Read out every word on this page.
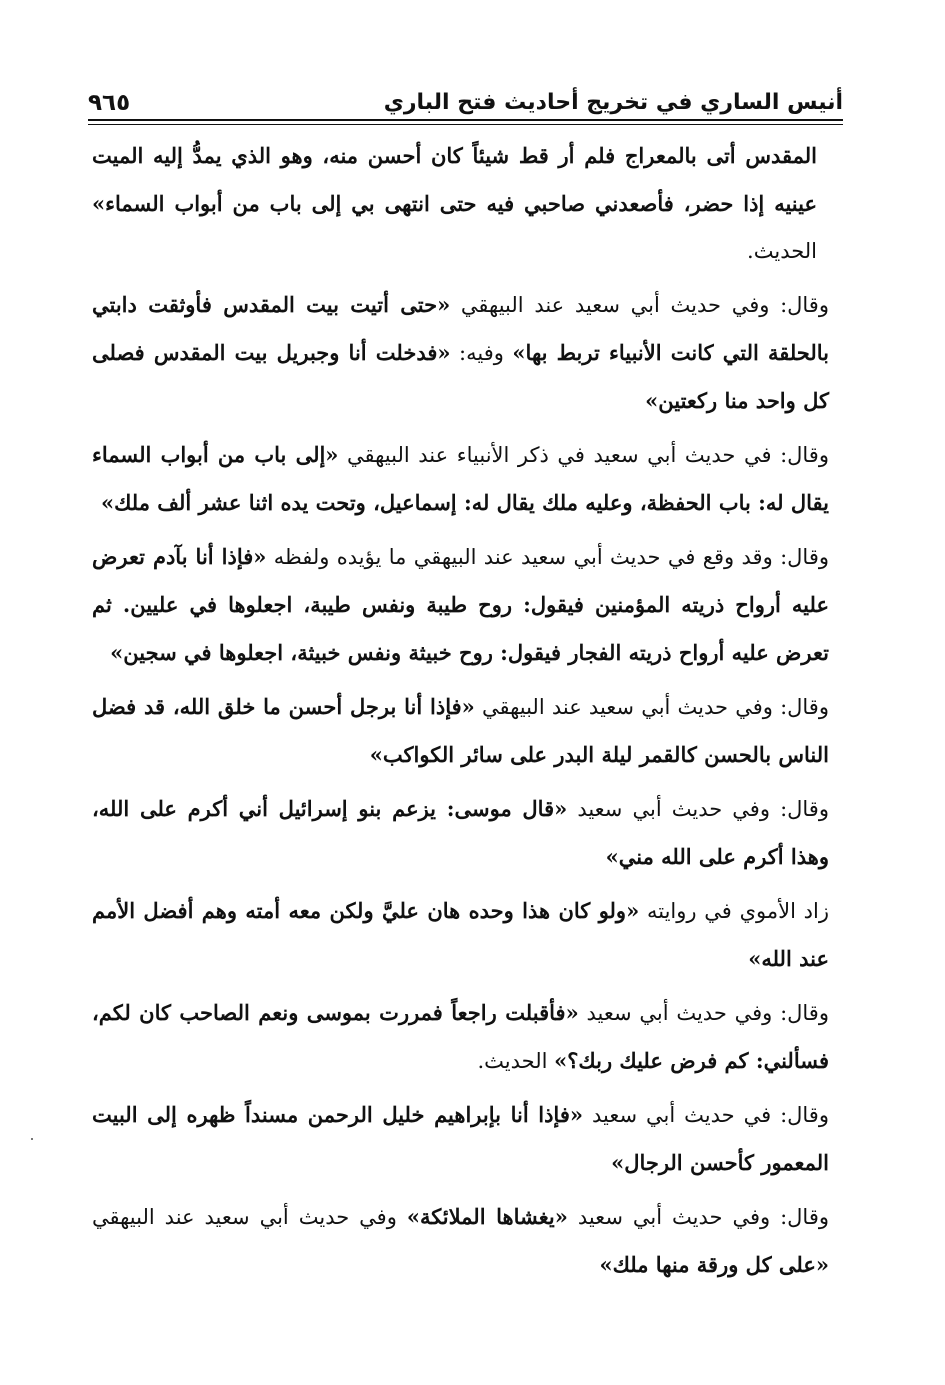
أنيس الساري في تخريج أحاديث فتح الباري
٩٦٥

المقدس أتى بالمعراج فلم أر قط شيئاً كان أحسن منه، وهو الذي يمدُّ إليه الميت عينيه إذا حضر، فأصعدني صاحبي فيه حتى انتهى بي إلى باب من أبواب السماء» الحديث.

وقال: وفي حديث أبي سعيد عند البيهقي «حتى أتيت بيت المقدس فأوثقت دابتي بالحلقة التي كانت الأنبياء تربط بها» وفيه: «فدخلت أنا وجبريل بيت المقدس فصلى كل واحد منا ركعتين»

وقال: في حديث أبي سعيد في ذكر الأنبياء عند البيهقي «إلى باب من أبواب السماء يقال له: باب الحفظة، وعليه ملك يقال له: إسماعيل، وتحت يده اثنا عشر ألف ملك»

وقال: وقد وقع في حديث أبي سعيد عند البيهقي ما يؤيده ولفظه «فإذا أنا بآدم تعرض عليه أرواح ذريته المؤمنين فيقول: روح طيبة ونفس طيبة، اجعلوها في عليين. ثم تعرض عليه أرواح ذريته الفجار فيقول: روح خبيثة ونفس خبيثة، اجعلوها في سجين»

وقال: وفي حديث أبي سعيد عند البيهقي «فإذا أنا برجل أحسن ما خلق الله، قد فضل الناس بالحسن كالقمر ليلة البدر على سائر الكواكب»

وقال: وفي حديث أبي سعيد «قال موسى: يزعم بنو إسرائيل أني أكرم على الله، وهذا أكرم على الله مني»

زاد الأموي في روايته «ولو كان هذا وحده هان عليَّ ولكن معه أمته وهم أفضل الأمم عند الله»

وقال: وفي حديث أبي سعيد «فأقبلت راجعاً فمررت بموسى ونعم الصاحب كان لكم، فسألني: كم فرض عليك ربك؟» الحديث.

وقال: في حديث أبي سعيد «فإذا أنا بإبراهيم خليل الرحمن مسنداً ظهره إلى البيت المعمور كأحسن الرجال»

وقال: وفي حديث أبي سعيد «يغشاها الملائكة» وفي حديث أبي سعيد عند البيهقي «على كل ورقة منها ملك»
